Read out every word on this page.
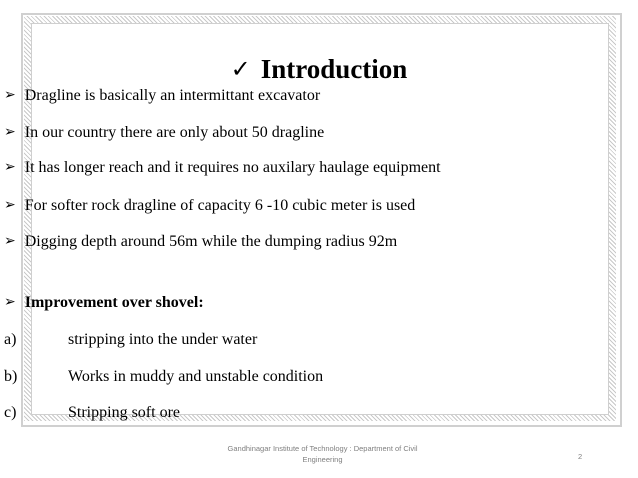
✓ Introduction
➢ Dragline is basically an intermittant excavator
➢ In our country there are only about 50 dragline
➢ It has longer reach and it requires no auxilary haulage equipment
➢ For softer rock dragline of capacity 6 -10 cubic meter is used
➢ Digging depth around 56m while the dumping radius 92m
➢ Improvement over shovel:
a)	stripping into the under water
b)	Works in muddy and unstable condition
c)	Stripping soft ore
Gandhinagar Institute of Technology : Department of Civil
Engineering	2
